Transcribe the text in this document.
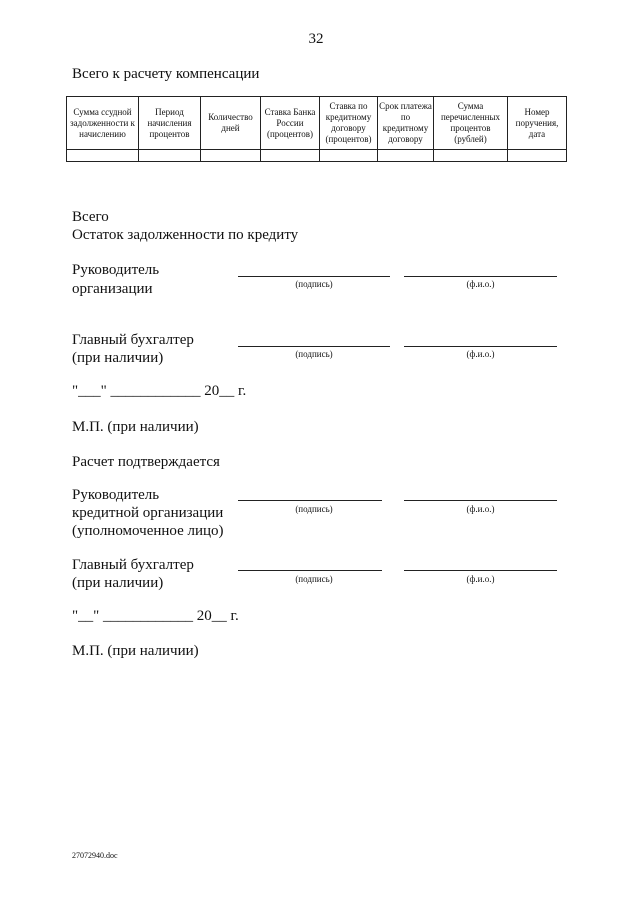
32
Всего к расчету компенсации
Сумма ссудной задолженности к начислению	Период начисления процентов	Количество дней	Ставка Банка России (процентов)	Ставка по кредитному договору (процентов)	Срок платежа по кредитному договору	Сумма перечисленных процентов (рублей)	Номер поручения, дата

Всего
Остаток задолженности по кредиту
Руководитель
организации	(подпись)	(ф.и.о.)
Главный бухгалтер
(при наличии)	(подпись)	(ф.и.о.)
"___" ____________ 20__ г.
М.П. (при наличии)
Расчет подтверждается
Руководитель
кредитной организации
(уполномоченное лицо)
(подпись)	(ф.и.о.)
Главный бухгалтер
(при наличии)	(подпись)	(ф.и.о.)
"__" ____________ 20__ г.
М.П. (при наличии)
27072940.doc
